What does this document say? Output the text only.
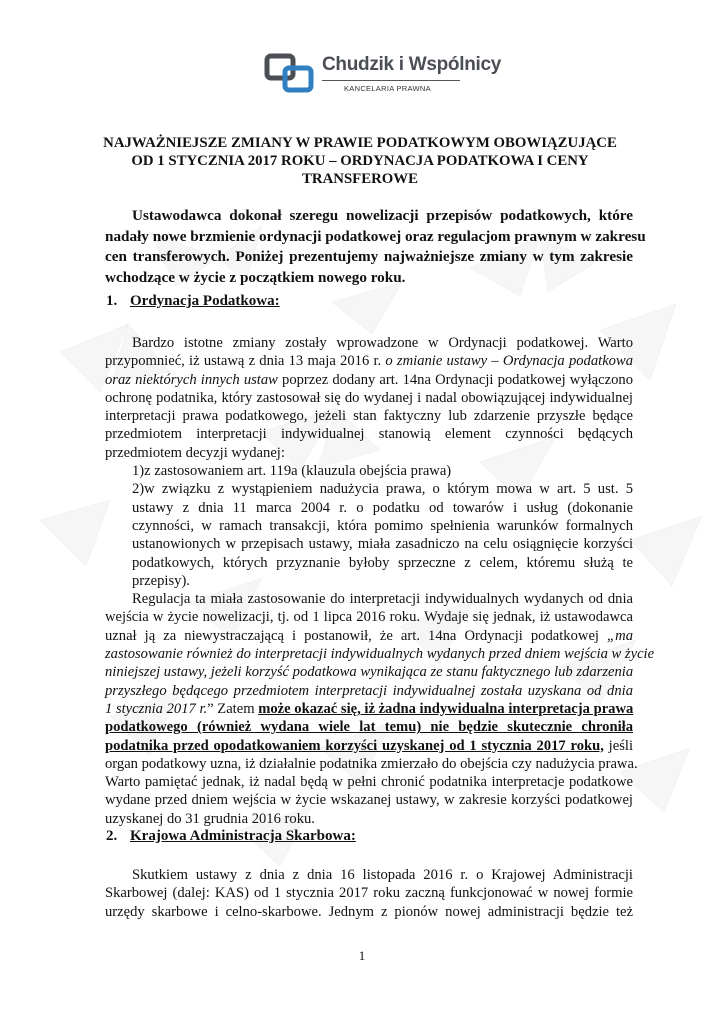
Chudzik i Wspólnicy
KANCELARIA PRAWNA
NAJWAŻNIEJSZE ZMIANY W PRAWIE PODATKOWYM OBOWIĄZUJĄCE
OD 1 STYCZNIA 2017 ROKU – ORDYNACJA PODATKOWA I CENY
TRANSFEROWE

Ustawodawca dokonał szeregu nowelizacji przepisów podatkowych, które
nadały nowe brzmienie ordynacji podatkowej oraz regulacjom prawnym w zakresu
cen transferowych. Poniżej prezentujemy najważniejsze zmiany w tym zakresie
wchodzące w życie z początkiem nowego roku.

1. Ordynacja Podatkowa:

Bardzo istotne zmiany zostały wprowadzone w Ordynacji podatkowej. Warto
przypomnieć, iż ustawą z dnia 13 maja 2016 r. o zmianie ustawy – Ordynacja podatkowa
oraz niektórych innych ustaw poprzez dodany art. 14na Ordynacji podatkowej wyłączono
ochronę podatnika, który zastosował się do wydanej i nadal obowiązującej indywidualnej
interpretacji prawa podatkowego, jeżeli stan faktyczny lub zdarzenie przyszłe będące
przedmiotem interpretacji indywidualnej stanowią element czynności będących
przedmiotem decyzji wydanej:
1)z zastosowaniem art. 119a (klauzula obejścia prawa)
2)w związku z wystąpieniem nadużycia prawa, o którym mowa w art. 5 ust. 5
ustawy z dnia 11 marca 2004 r. o podatku od towarów i usług (dokonanie
czynności, w ramach transakcji, która pomimo spełnienia warunków formalnych
ustanowionych w przepisach ustawy, miała zasadniczo na celu osiągnięcie korzyści
podatkowych, których przyznanie byłoby sprzeczne z celem, któremu służą te
przepisy).
Regulacja ta miała zastosowanie do interpretacji indywidualnych wydanych od dnia
wejścia w życie nowelizacji, tj. od 1 lipca 2016 roku. Wydaje się jednak, iż ustawodawca
uznał ją za niewystraczającą i postanowił, że art. 14na Ordynacji podatkowej „ma
zastosowanie również do interpretacji indywidualnych wydanych przed dniem wejścia w życie
niniejszej ustawy, jeżeli korzyść podatkowa wynikająca ze stanu faktycznego lub zdarzenia
przyszłego będącego przedmiotem interpretacji indywidualnej została uzyskana od dnia
1 stycznia 2017 r.” Zatem może okazać się, iż żadna indywidualna interpretacja prawa
podatkowego (również wydana wiele lat temu) nie będzie skutecznie chroniła
podatnika przed opodatkowaniem korzyści uzyskanej od 1 stycznia 2017 roku, jeśli
organ podatkowy uzna, iż działalnie podatnika zmierzało do obejścia czy nadużycia prawa.
Warto pamiętać jednak, iż nadal będą w pełni chronić podatnika interpretacje podatkowe
wydane przed dniem wejścia w życie wskazanej ustawy, w zakresie korzyści podatkowej
uzyskanej do 31 grudnia 2016 roku.

2. Krajowa Administracja Skarbowa:

Skutkiem ustawy z dnia z dnia 16 listopada 2016 r. o Krajowej Administracji
Skarbowej (dalej: KAS) od 1 stycznia 2017 roku zaczną funkcjonować w nowej formie
urzędy skarbowe i celno-skarbowe. Jednym z pionów nowej administracji będzie też

1
